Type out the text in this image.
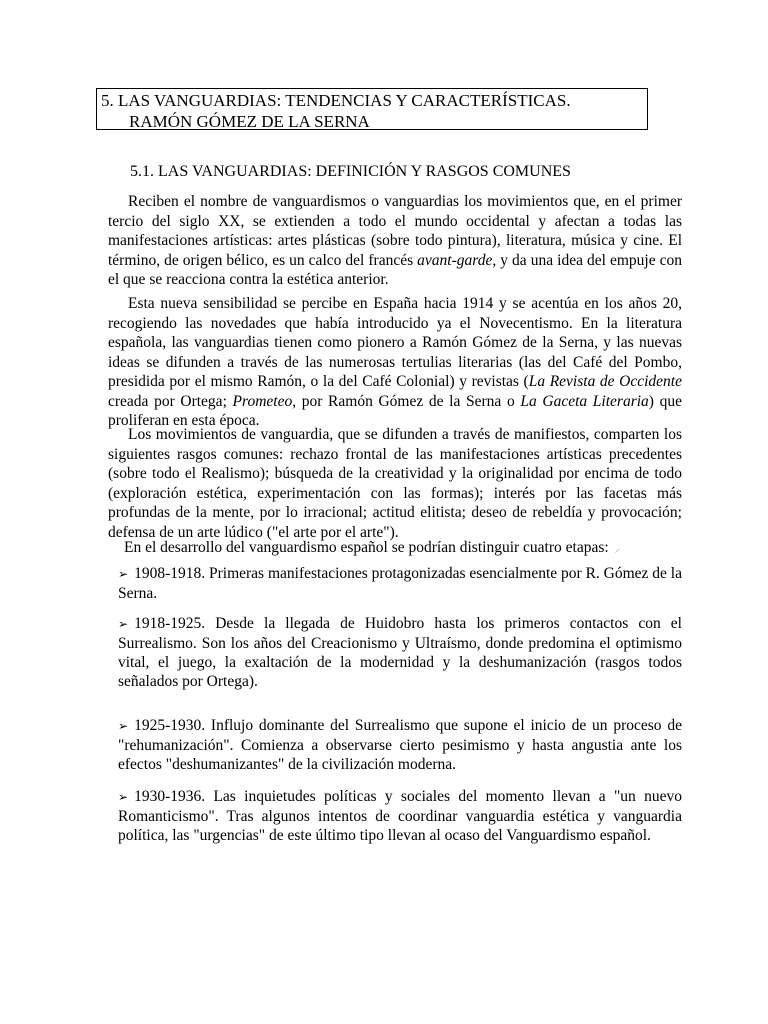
5. LAS VANGUARDIAS: TENDENCIAS Y CARACTERÍSTICAS.
RAMÓN GÓMEZ DE LA SERNA
5.1. LAS VANGUARDIAS: DEFINICIÓN Y RASGOS COMUNES

Reciben el nombre de vanguardismos o vanguardias los movimientos que, en el primer tercio del siglo XX, se extienden a todo el mundo occidental y afectan a todas las manifestaciones artísticas: artes plásticas (sobre todo pintura), literatura, música y cine. El término, de origen bélico, es un calco del francés avant-garde, y da una idea del empuje con el que se reacciona contra la estética anterior.

Esta nueva sensibilidad se percibe en España hacia 1914 y se acentúa en los años 20, recogiendo las novedades que había introducido ya el Novecentismo. En la literatura española, las vanguardias tienen como pionero a Ramón Gómez de la Serna, y las nuevas ideas se difunden a través de las numerosas tertulias literarias (las del Café del Pombo, presidida por el mismo Ramón, o la del Café Colonial) y revistas (La Revista de Occidente creada por Ortega; Prometeo, por Ramón Gómez de la Serna o La Gaceta Literaria) que proliferan en esta época.

Los movimientos de vanguardia, que se difunden a través de manifiestos, comparten los siguientes rasgos comunes: rechazo frontal de las manifestaciones artísticas precedentes (sobre todo el Realismo); búsqueda de la creatividad y la originalidad por encima de todo (exploración estética, experimentación con las formas); interés por las facetas más profundas de la mente, por lo irracional; actitud elitista; deseo de rebeldía y provocación; defensa de un arte lúdico ("el arte por el arte").

En el desarrollo del vanguardismo español se podrían distinguir cuatro etapas: ⸝

➢ 1908-1918. Primeras manifestaciones protagonizadas esencialmente por R. Gómez de la Serna.

➢ 1918-1925. Desde la llegada de Huidobro hasta los primeros contactos con el Surrealismo. Son los años del Creacionismo y Ultraísmo, donde predomina el optimismo vital, el juego, la exaltación de la modernidad y la deshumanización (rasgos todos señalados por Ortega).

➢ 1925-1930. Influjo dominante del Surrealismo que supone el inicio de un proceso de "rehumanización". Comienza a observarse cierto pesimismo y hasta angustia ante los efectos "deshumanizantes" de la civilización moderna.

➢ 1930-1936. Las inquietudes políticas y sociales del momento llevan a "un nuevo Romanticismo". Tras algunos intentos de coordinar vanguardia estética y vanguardia política, las "urgencias" de este último tipo llevan al ocaso del Vanguardismo español.
